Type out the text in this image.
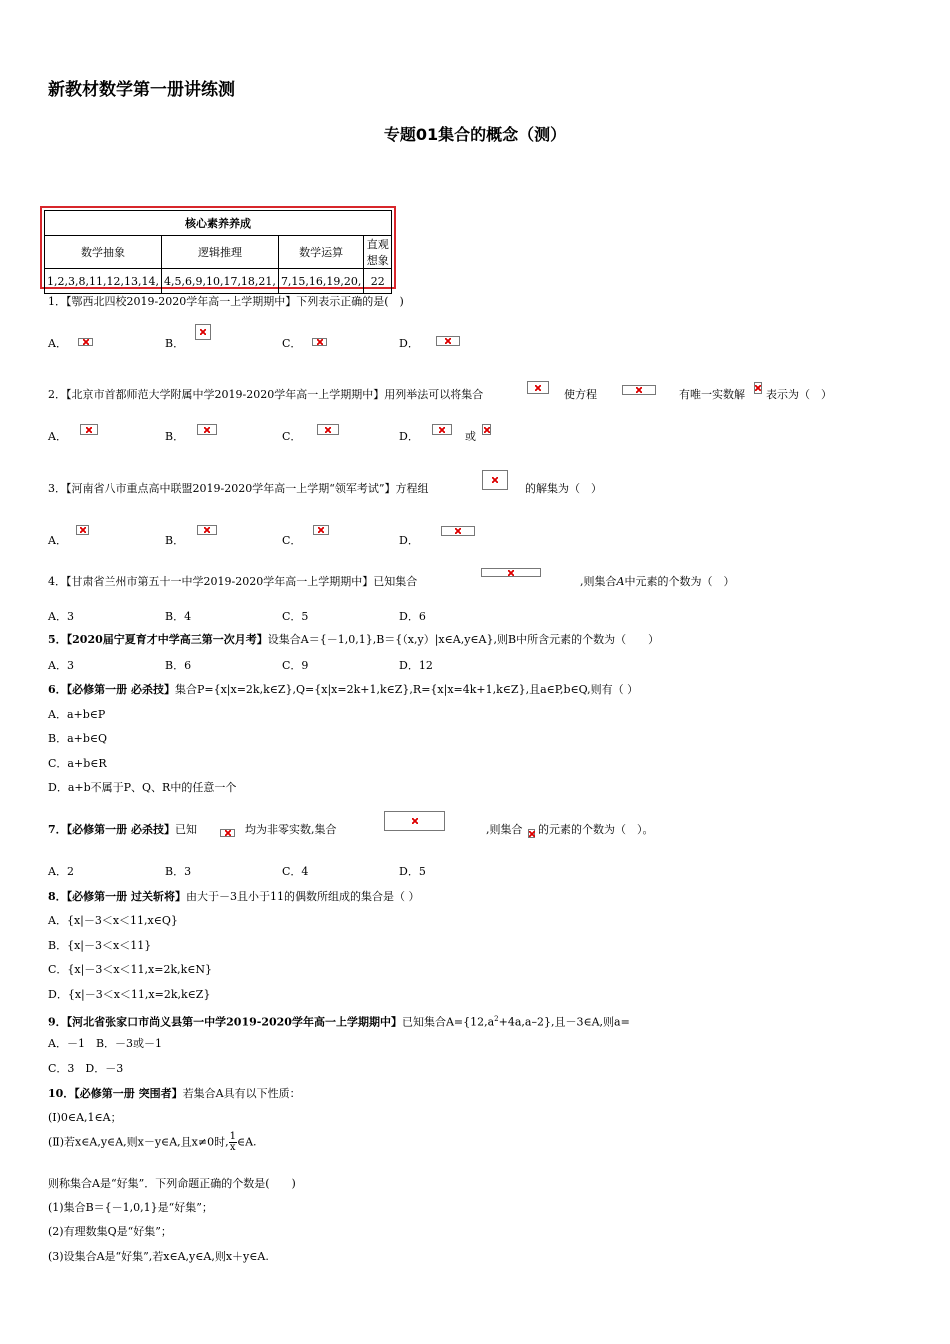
新教材数学第一册讲练测
专题01集合的概念（测）
核心素养养成			
数学抽象	逻辑推理	数学运算	直观想象
1,2,3,8,11,12,13,14,	4,5,6,9,10,17,18,21,	7,15,16,19,20,	22
1．【鄂西北四校2019-2020学年高一上学期期中】下列表示正确的是(　)
A．	B．	C．	D．
2．【北京市首都师范大学附属中学2019-2020学年高一上学期期中】用列举法可以将集合	使方程	有唯一实数解 表示为（　）
A．	B．	C．	D．	或
3．【河南省八市重点高中联盟2019-2020学年高一上学期“领军考试”】方程组	的解集为（　）
A．	B．	C．	D．
4．【甘肃省兰州市第五十一中学2019-2020学年高一上学期期中】已知集合	,则集合A中元素的个数为（　）
A．3	B．4	C．5	D．6
5．【2020届宁夏育才中学高三第一次月考】设集合A＝{－1,0,1},B＝{（x,y）|x∈A,y∈A},则B中所含元素的个数为（　　）
A．3	B．6	C．9	D．12
6．【必修第一册 必杀技】集合P={x|x=2k,k∈Z},Q={x|x=2k+1,k∈Z},R={x|x=4k+1,k∈Z},且a∈P,b∈Q,则有（ ）
A．a+b∈P
B．a+b∈Q
C．a+b∈R
D．a+b不属于P、Q、R中的任意一个
7．【必修第一册 必杀技】已知	均为非零实数,集合	,则集合 的元素的个数为（　）。
A．2	B．3	C．4	D．5
8．【必修第一册 过关斩将】由大于－3且小于11的偶数所组成的集合是（ ）
A．{x|－3＜x＜11,x∈Q}
B．{x|－3＜x＜11}
C．{x|－3＜x＜11,x=2k,k∈N}
D．{x|－3＜x＜11,x=2k,k∈Z}
9．【河北省张家口市尚义县第一中学2019-2020学年高一上学期期中】已知集合$A=\{12,a^2+4a,a-2\}$,且－3∈A,则a=
A．－1　B．－3或－1
C．3　D．－3
10．【必修第一册 突围者】若集合A具有以下性质：
(Ⅰ)0∈A,1∈A；
(Ⅱ)若x∈A,y∈A,则x－y∈A,且x≠0时, $\frac{1}{x}$ ∈A.
则称集合A是“好集”．下列命题正确的个数是(　　)
(1)集合B＝{－1,0,1}是“好集”；
(2)有理数集Q是“好集”；
(3)设集合A是“好集”,若x∈A,y∈A,则x＋y∈A.
